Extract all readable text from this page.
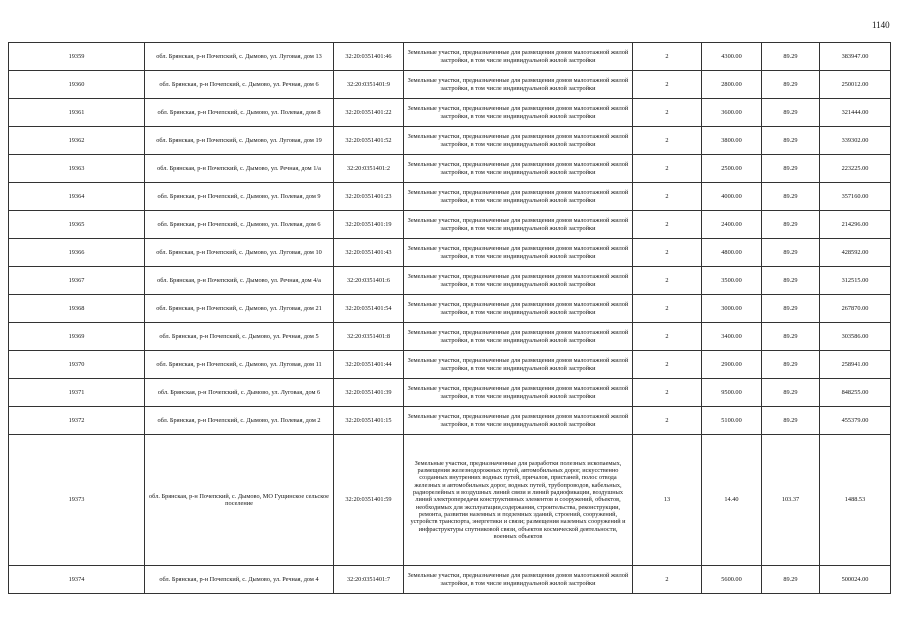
1140
19359	обл. Брянская, р-н Почепский, с. Дымово, ул. Луговая, дом 13	32:20:0351401:46	Земельные участки, предназначенные для размещения домов малоэтажной жилой застройки, в том числе индивидуальной жилой застройки	2	4300.00	89.29	383947.00
19360	обл. Брянская, р-н Почепский, с. Дымово, ул. Речная, дом 6	32:20:0351401:9	Земельные участки, предназначенные для размещения домов малоэтажной жилой застройки, в том числе индивидуальной жилой застройки	2	2800.00	89.29	250012.00
19361	обл. Брянская, р-н Почепский, с. Дымово, ул. Полевая, дом 8	32:20:0351401:22	Земельные участки, предназначенные для размещения домов малоэтажной жилой застройки, в том числе индивидуальной жилой застройки	2	3600.00	89.29	321444.00
19362	обл. Брянская, р-н Почепский, с. Дымово, ул. Луговая, дом 19	32:20:0351401:52	Земельные участки, предназначенные для размещения домов малоэтажной жилой застройки, в том числе индивидуальной жилой застройки	2	3800.00	89.29	339302.00
19363	обл. Брянская, р-н Почепский, с. Дымово, ул. Речная, дом 1/а	32:20:0351401:2	Земельные участки, предназначенные для размещения домов малоэтажной жилой застройки, в том числе индивидуальной жилой застройки	2	2500.00	89.29	223225.00
19364	обл. Брянская, р-н Почепский, с. Дымово, ул. Полевая, дом 9	32:20:0351401:23	Земельные участки, предназначенные для размещения домов малоэтажной жилой застройки, в том числе индивидуальной жилой застройки	2	4000.00	89.29	357160.00
19365	обл. Брянская, р-н Почепский, с. Дымово, ул. Полевая, дом 6	32:20:0351401:19	Земельные участки, предназначенные для размещения домов малоэтажной жилой застройки, в том числе индивидуальной жилой застройки	2	2400.00	89.29	214296.00
19366	обл. Брянская, р-н Почепский, с. Дымово, ул. Луговая, дом 10	32:20:0351401:43	Земельные участки, предназначенные для размещения домов малоэтажной жилой застройки, в том числе индивидуальной жилой застройки	2	4800.00	89.29	428592.00
19367	обл. Брянская, р-н Почепский, с. Дымово, ул. Речная, дом 4/а	32:20:0351401:6	Земельные участки, предназначенные для размещения домов малоэтажной жилой застройки, в том числе индивидуальной жилой застройки	2	3500.00	89.29	312515.00
19368	обл. Брянская, р-н Почепский, с. Дымово, ул. Луговая, дом 21	32:20:0351401:54	Земельные участки, предназначенные для размещения домов малоэтажной жилой застройки, в том числе индивидуальной жилой застройки	2	3000.00	89.29	267870.00
19369	обл. Брянская, р-н Почепский, с. Дымово, ул. Речная, дом 5	32:20:0351401:8	Земельные участки, предназначенные для размещения домов малоэтажной жилой застройки, в том числе индивидуальной жилой застройки	2	3400.00	89.29	303586.00
19370	обл. Брянская, р-н Почепский, с. Дымово, ул. Луговая, дом 11	32:20:0351401:44	Земельные участки, предназначенные для размещения домов малоэтажной жилой застройки, в том числе индивидуальной жилой застройки	2	2900.00	89.29	258941.00
19371	обл. Брянская, р-н Почепский, с. Дымово, ул. Луговая, дом 6	32:20:0351401:39	Земельные участки, предназначенные для размещения домов малоэтажной жилой застройки, в том числе индивидуальной жилой застройки	2	9500.00	89.29	848255.00
19372	обл. Брянская, р-н Почепский, с. Дымово, ул. Полевая, дом 2	32:20:0351401:15	Земельные участки, предназначенные для размещения домов малоэтажной жилой застройки, в том числе индивидуальной жилой застройки	2	5100.00	89.29	455379.00
19373	обл. Брянская, р-н Почепский, с. Дымово, МО Гущинское сельское поселение	32:20:0351401:59	Земельные участки, предназначенные для разработки полезных ископаемых, размещения железнодорожных путей, автомобильных дорог, искусственно созданных внутренних водных путей, причалов, пристаней, полос отвода железных и автомобильных дорог, водных путей, трубопроводов, кабельных, радиорелейных и воздушных линий связи и линий радиофикации, воздушных линий электропередачи конструктивных элементов и сооружений, объектов, необходимых для эксплуатации,содержания, строительства, реконструкции, ремонта, развития наземных и подземных зданий, строений, сооружений, устройств транспорта, энергетики и связи; размещения наземных сооружений и инфраструктуры спутниковой связи, объектов космической деятельности, военных объектов	13	14.40	103.37	1488.53
19374	обл. Брянская, р-н Почепский, с. Дымово, ул. Речная, дом 4	32:20:0351401:7	Земельные участки, предназначенные для размещения домов малоэтажной жилой застройки, в том числе индивидуальной жилой застройки	2	5600.00	89.29	500024.00
